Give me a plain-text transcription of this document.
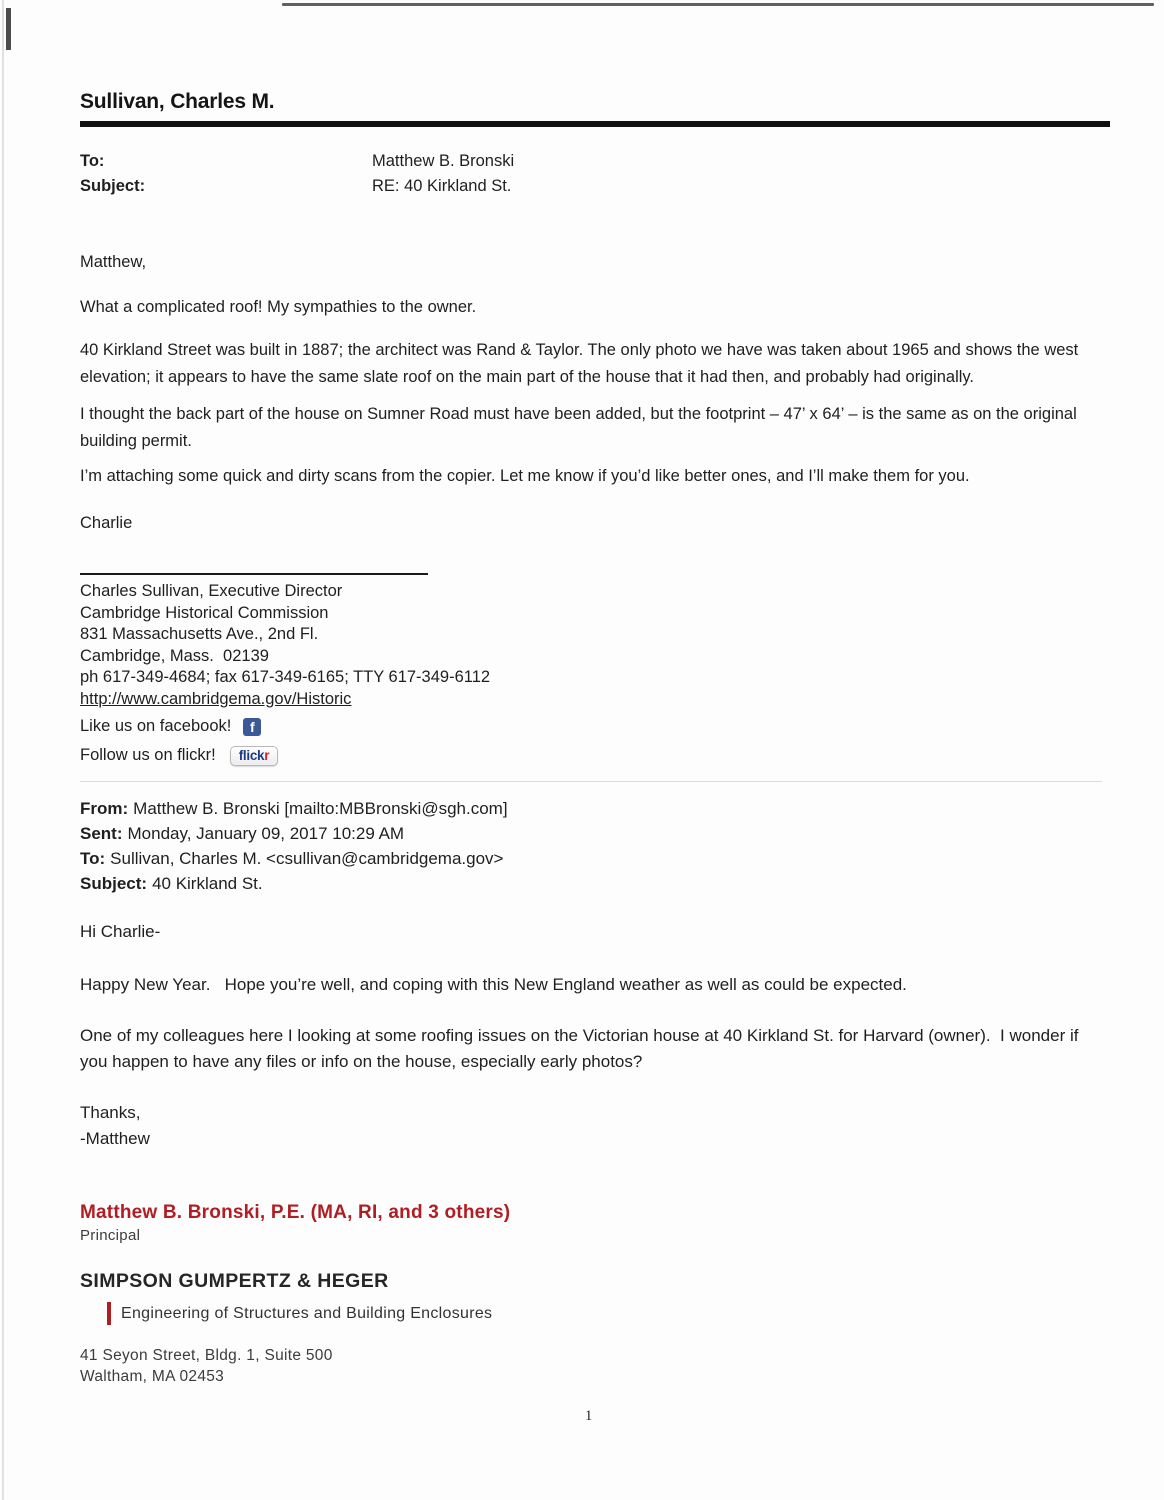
Sullivan, Charles M.
To:	Matthew B. Bronski
Subject:	RE: 40 Kirkland St.

Matthew,

What a complicated roof! My sympathies to the owner.

40 Kirkland Street was built in 1887; the architect was Rand & Taylor. The only photo we have was taken about 1965 and shows the west elevation; it appears to have the same slate roof on the main part of the house that it had then, and probably had originally.

I thought the back part of the house on Sumner Road must have been added, but the footprint – 47’ x 64’ – is the same as on the original building permit.

I’m attaching some quick and dirty scans from the copier. Let me know if you’d like better ones, and I’ll make them for you.

Charlie

Charles Sullivan, Executive Director

Cambridge Historical Commission

831 Massachusetts Ave., 2nd Fl.

Cambridge, Mass.  02139

ph 617-349-4684; fax 617-349-6165; TTY 617-349-6112

http://www.cambridgema.gov/Historic

Like us on facebook!	f
Follow us on flickr!	flickr

From: Matthew B. Bronski [mailto:MBBronski@sgh.com]

Sent: Monday, January 09, 2017 10:29 AM

To: Sullivan, Charles M. <csullivan@cambridgema.gov>

Subject: 40 Kirkland St.

Hi Charlie-

Happy New Year.   Hope you’re well, and coping with this New England weather as well as could be expected.

One of my colleagues here I looking at some roofing issues on the Victorian house at 40 Kirkland St. for Harvard (owner).  I wonder if you happen to have any files or info on the house, especially early photos?

Thanks,

-Matthew

Matthew B. Bronski, P.E. (MA, RI, and 3 others)
Principal
SIMPSON GUMPERTZ & HEGER
Engineering of Structures and Building Enclosures

41 Seyon Street, Bldg. 1, Suite 500

Waltham, MA 02453

1
